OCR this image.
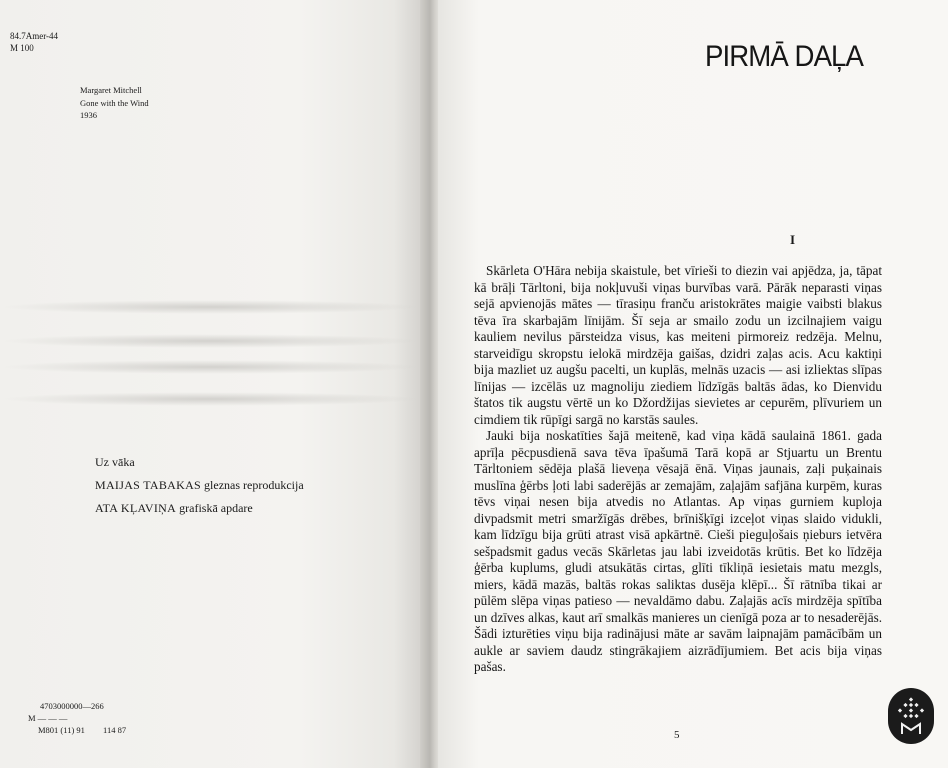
84.7Amer-44
M 100
Margaret Mitchell
Gone with the Wind
1936
Uz vāka
MAIJAS TABAKAS gleznas reprodukcija
ATA KĻAVIŅA grafiskā apdare
4703000000—266
M — — —
M801 (11) 91 114 87
PIRMĀ DAĻA
I

Skārleta O'Hāra nebija skaistule, bet vīrieši to diezin vai apjēdza, ja, tāpat kā brāļi Tārltoni, bija nokļuvuši viņas burvības varā. Pārāk neparasti viņas sejā apvienojās mātes — tīrasiņu franču aristokrātes maigie vaibsti blakus tēva īra skarbajām līnijām. Šī seja ar smailo zodu un izcilnajiem vaigu kauliem nevilus pārsteidza visus, kas meiteni pirmoreiz redzēja. Melnu, starveidīgu skropstu ielokā mirdzēja gaišas, dzidri zaļas acis. Acu kaktiņi bija mazliet uz augšu pacelti, un kuplās, melnās uzacis — asi izliektas slīpas līnijas — izcēlās uz magnoliju ziediem līdzīgās baltās ādas, ko Dienvidu štatos tik augstu vērtē un ko Džordžijas sievietes ar cepurēm, plīvuriem un cimdiem tik rūpīgi sargā no karstās saules.

Jauki bija noskatīties šajā meitenē, kad viņa kādā saulainā 1861. gada aprīļa pēcpusdienā sava tēva īpašumā Tarā kopā ar Stjuartu un Brentu Tārltoniem sēdēja plašā lieveņa vēsajā ēnā. Viņas jaunais, zaļi puķainais muslīna ģērbs ļoti labi saderējās ar zemajām, zaļajām safjāna kurpēm, kuras tēvs viņai nesen bija atvedis no Atlantas. Ap viņas gurniem kuploja divpadsmit metri smaržīgās drēbes, brīnišķīgi izceļot viņas slaido vidukli, kam līdzīgu bija grūti atrast visā apkārtnē. Cieši pieguļošais ņieburs ietvēra sešpadsmit gadus vecās Skārletas jau labi izveidotās krūtis. Bet ko līdzēja ģērba kuplums, gludi atsukātās cirtas, glīti tīkliņā iesietais matu mezgls, miers, kādā mazās, baltās rokas saliktas dusēja klēpī... Šī rātnība tikai ar pūlēm slēpa viņas patieso — nevaldāmo dabu. Zaļajās acīs mirdzēja spītība un dzīves alkas, kaut arī smalkās manieres un cienīgā poza ar to nesaderējās. Šādi izturēties viņu bija radinājusi māte ar savām laipnajām pamācībām un aukle ar saviem daudz stingrākajiem aizrādījumiem. Bet acis bija viņas pašas.

5
